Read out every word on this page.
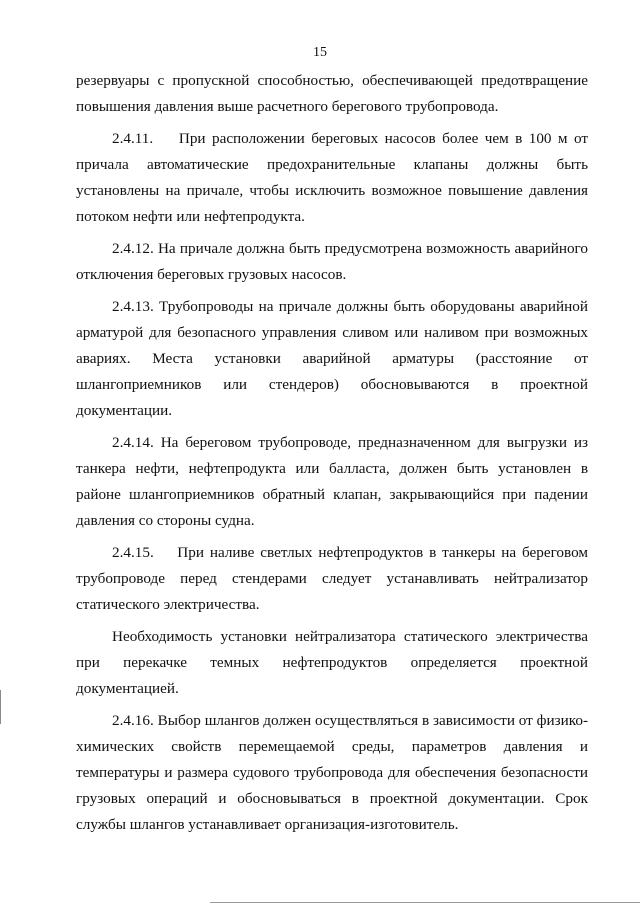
15

резервуары с пропускной способностью, обеспечивающей предотвращение повышения давления выше расчетного берегового трубопровода.

2.4.11. При расположении береговых насосов более чем в 100 м от причала автоматические предохранительные клапаны должны быть установлены на причале, чтобы исключить возможное повышение давления потоком нефти или нефтепродукта.

2.4.12. На причале должна быть предусмотрена возможность аварийного отключения береговых грузовых насосов.

2.4.13. Трубопроводы на причале должны быть оборудованы аварийной арматурой для безопасного управления сливом или наливом при возможных авариях. Места установки аварийной арматуры (расстояние от шлангоприемников или стендеров) обосновываются в проектной документации.

2.4.14. На береговом трубопроводе, предназначенном для выгрузки из танкера нефти, нефтепродукта или балласта, должен быть установлен в районе шлангоприемников обратный клапан, закрывающийся при падении давления со стороны судна.

2.4.15. При наливе светлых нефтепродуктов в танкеры на береговом трубопроводе перед стендерами следует устанавливать нейтрализатор статического электричества.

Необходимость установки нейтрализатора статического электричества при перекачке темных нефтепродуктов определяется проектной документацией.

2.4.16. Выбор шлангов должен осуществляться в зависимости от физико-химических свойств перемещаемой среды, параметров давления и температуры и размера судового трубопровода для обеспечения безопасности грузовых операций и обосновываться в проектной документации. Срок службы шлангов устанавливает организация-изготовитель.
